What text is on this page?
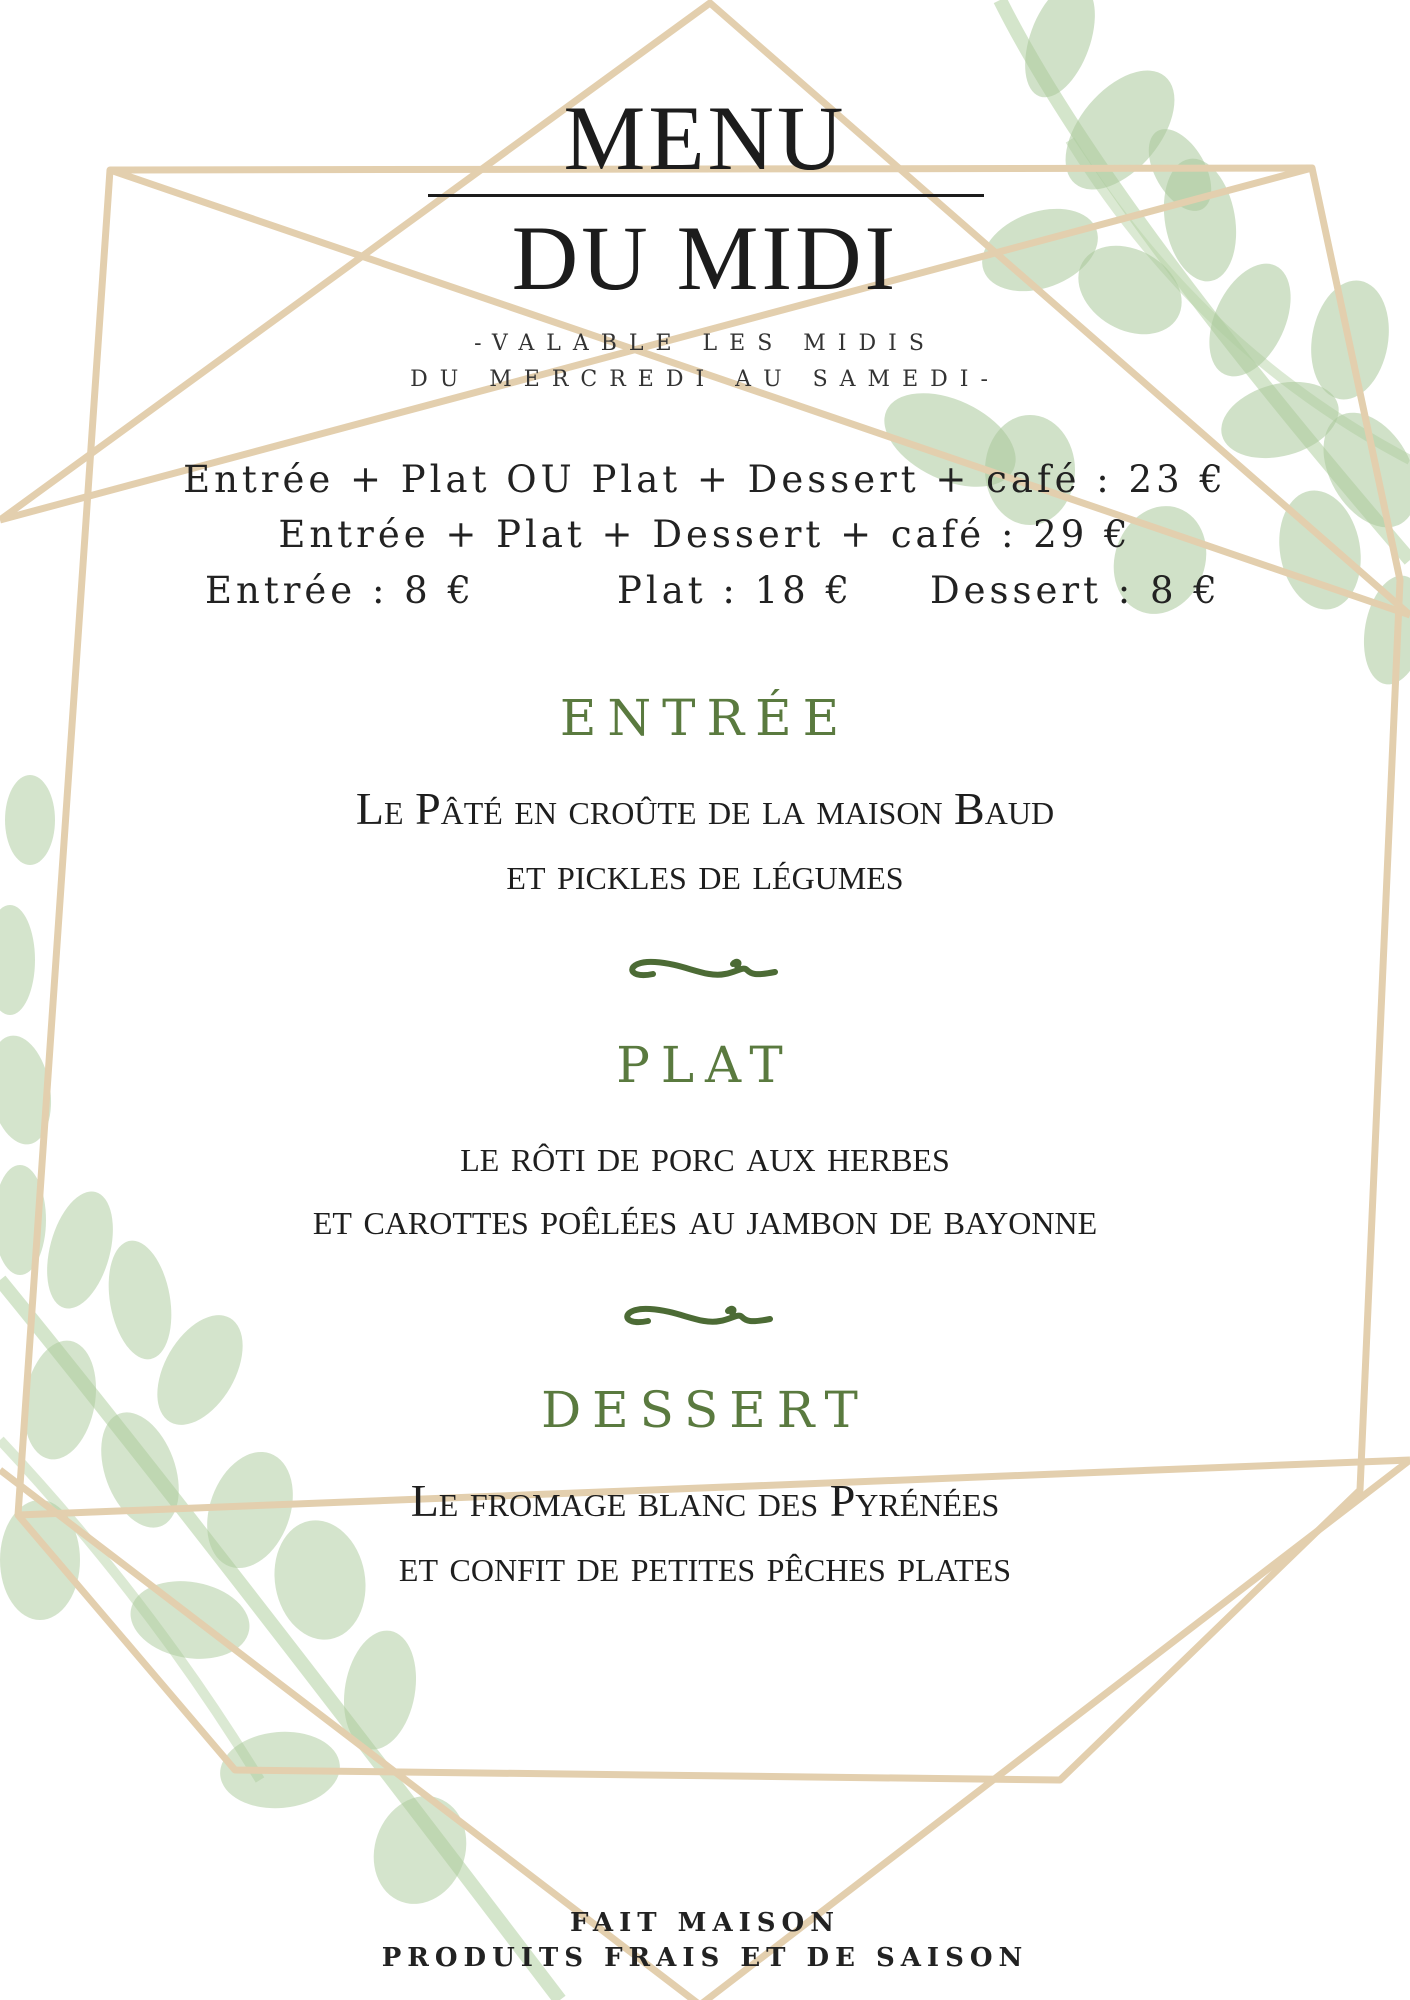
MENU
DU MIDI
-VALABLE LES MIDIS
DU MERCREDI AU SAMEDI-
Entrée + Plat OU Plat + Dessert + café : 23 €
Entrée + Plat + Dessert + café : 29 €
Entrée : 8 €	Plat : 18 € Dessert : 8 €
ENTRÉE
Le Pâté en croûte de la maison Baud
et pickles de légumes
PLAT
le rôti de porc aux herbes
et carottes poêlées au jambon de bayonne
DESSERT
Le fromage blanc des Pyrénées
et confit de petites pêches plates
FAIT MAISON
PRODUITS FRAIS ET DE SAISON
